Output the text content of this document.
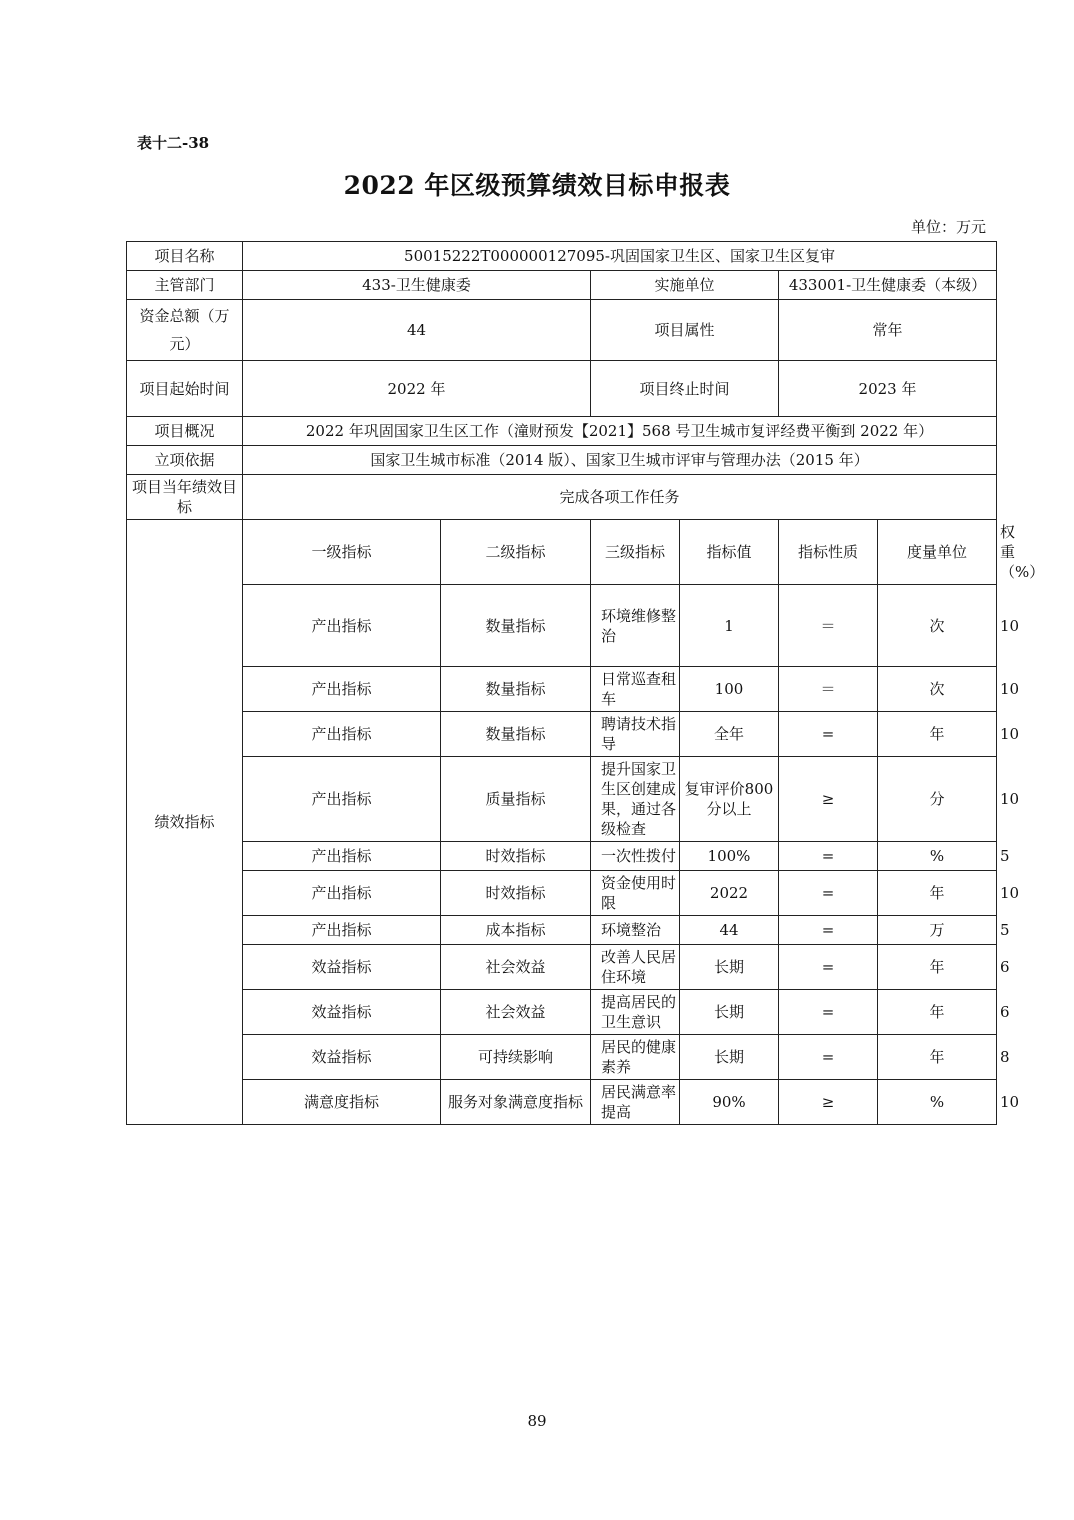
表十二-38
2022 年区级预算绩效目标申报表
单位：万元
项目名称	50015222T000000127095-巩固国家卫生区、国家卫生区复审						
主管部门	433-卫生健康委		实施单位		433001-卫生健康委（本级）		
资金总额（万元）	44		项目属性		常年		
项目起始时间	2022 年		项目终止时间		2023 年		
项目概况	2022 年巩固国家卫生区工作（潼财预发【2021】568 号卫生城市复评经费平衡到 2022 年）						
立项依据	国家卫生城市标准（2014 版）、国家卫生城市评审与管理办法（2015 年）						
项目当年绩效目标	完成各项工作任务						
绩效指标	一级指标	二级指标	三级指标	指标值	指标性质	度量单位	权重（%）
	产出指标	数量指标	环境维修整治	1	＝	次	10
	产出指标	数量指标	日常巡查租车	100	＝	次	10
	产出指标	数量指标	聘请技术指导	全年	=	年	10
	产出指标	质量指标	提升国家卫生区创建成果，通过各级检查	复审评价800 分以上	≥	分	10
	产出指标	时效指标	一次性拨付	100%	=	%	5
	产出指标	时效指标	资金使用时限	2022	=	年	10
	产出指标	成本指标	环境整治	44	=	万	5
	效益指标	社会效益	改善人民居住环境	长期	=	年	6
	效益指标	社会效益	提高居民的卫生意识	长期	=	年	6
	效益指标	可持续影响	居民的健康素养	长期	=	年	8
	满意度指标	服务对象满意度指标	居民满意率提高	90%	≥	%	10
89
